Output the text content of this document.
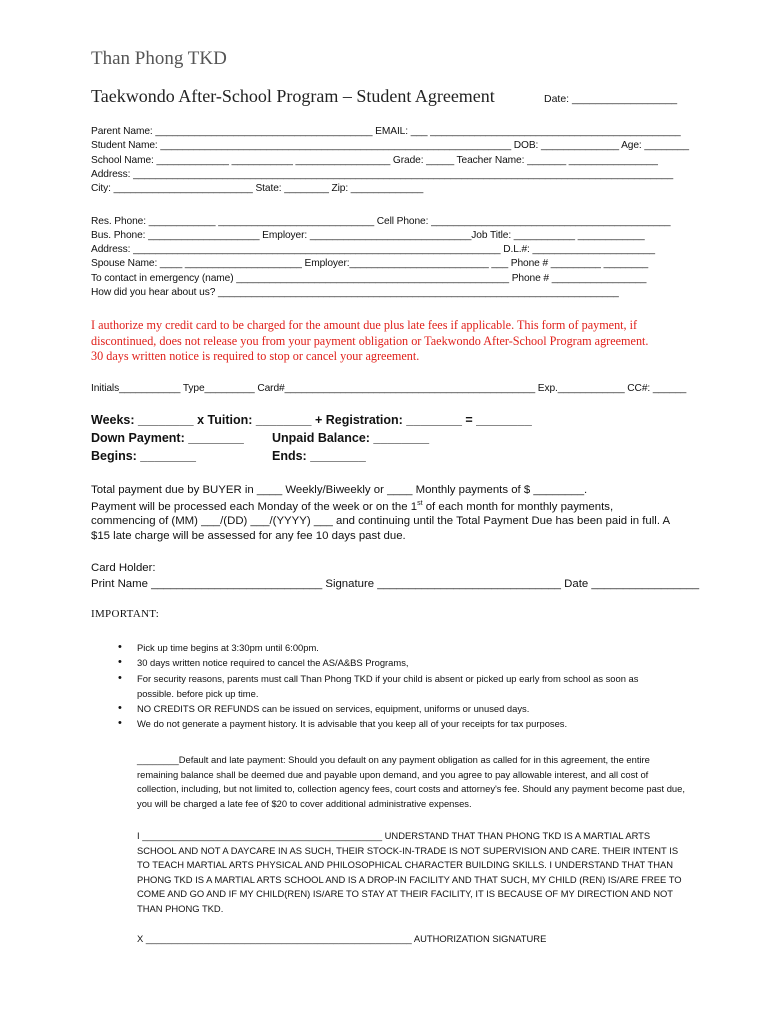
Than Phong TKD
Taekwondo After-School Program – Student Agreement	Date: __________________
Parent Name: _______________________________________ EMAIL: ___ _____________________________________________
Student Name: _______________________________________________________________ DOB: ______________ Age: ________
School Name: _____________ ___________ _________________ Grade: _____ Teacher Name: _______ ________________
Address: _________________________________________________________________________________________________
City: _________________________ State: ________ Zip: _____________
Res. Phone: ____________ ____________________________ Cell Phone: ___________________________________________
Bus. Phone: ____________________ Employer: _____________________________Job Title: ___________ ____________
Address: __________________________________________________________________ D.L.#: ______________________
Spouse Name: ____ _____________________ Employer:_________________________ ___ Phone # _________ ________
To contact in emergency (name) _________________________________________________ Phone # _________________
How did you hear about us? ________________________________________________________________________
I authorize my credit card to be charged for the amount due plus late fees if applicable. This form of payment, if
discontinued, does not release you from your payment obligation or Taekwondo After-School Program agreement.
30 days written notice is required to stop or cancel your agreement.
Initials___________ Type_________ Card#_____________________________________________ Exp.____________ CC#: ______
Weeks: ________ x Tuition: ________ + Registration: ________ = ________
Down Payment: ________ Unpaid Balance: ________
Begins: ________	Ends: ________
Total payment due by BUYER in ____ Weekly/Biweekly or ____ Monthly payments of $ ________.
Payment will be processed each Monday of the week or on the 1st of each month for monthly payments,
commencing of (MM) ___/(DD) ___/(YYYY) ___ and continuing until the Total Payment Due has been paid in full. A
$15 late charge will be assessed for any fee 10 days past due.
Card Holder:
Print Name ___________________________ Signature _____________________________ Date _________________
IMPORTANT:
• Pick up time begins at 3:30pm until 6:00pm.
• 30 days written notice required to cancel the AS/A&BS Programs,
• For security reasons, parents must call Than Phong TKD if your child is absent or picked up early from school as soon as possible. before pick up time.
• NO CREDITS OR REFUNDS can be issued on services, equipment, uniforms or unused days.
• We do not generate a payment history. It is advisable that you keep all of your receipts for tax purposes.
________Default and late payment: Should you default on any payment obligation as called for in this agreement, the entire remaining balance shall be deemed due and payable upon demand, and you agree to pay allowable interest, and all cost of collection, including, but not limited to, collection agency fees, court costs and attorney's fee. Should any payment become past due, you will be charged a late fee of $20 to cover additional administrative expenses.
I ______________________________________________ UNDERSTAND THAT THAN PHONG TKD IS A MARTIAL ARTS SCHOOL AND NOT A DAYCARE IN AS SUCH, THEIR STOCK-IN-TRADE IS NOT SUPERVISION AND CARE. THEIR INTENT IS TO TEACH MARTIAL ARTS PHYSICAL AND PHILOSOPHICAL CHARACTER BUILDING SKILLS. I UNDERSTAND THAT THAN PHONG TKD IS A MARTIAL ARTS SCHOOL AND IS A DROP-IN FACILITY AND THAT SUCH, MY CHILD (REN) IS/ARE FREE TO COME AND GO AND IF MY CHILD(REN) IS/ARE TO STAY AT THEIR FACILITY, IT IS BECAUSE OF MY DIRECTION AND NOT THAN PHONG TKD.
X ___________________________________________________ AUTHORIZATION SIGNATURE
